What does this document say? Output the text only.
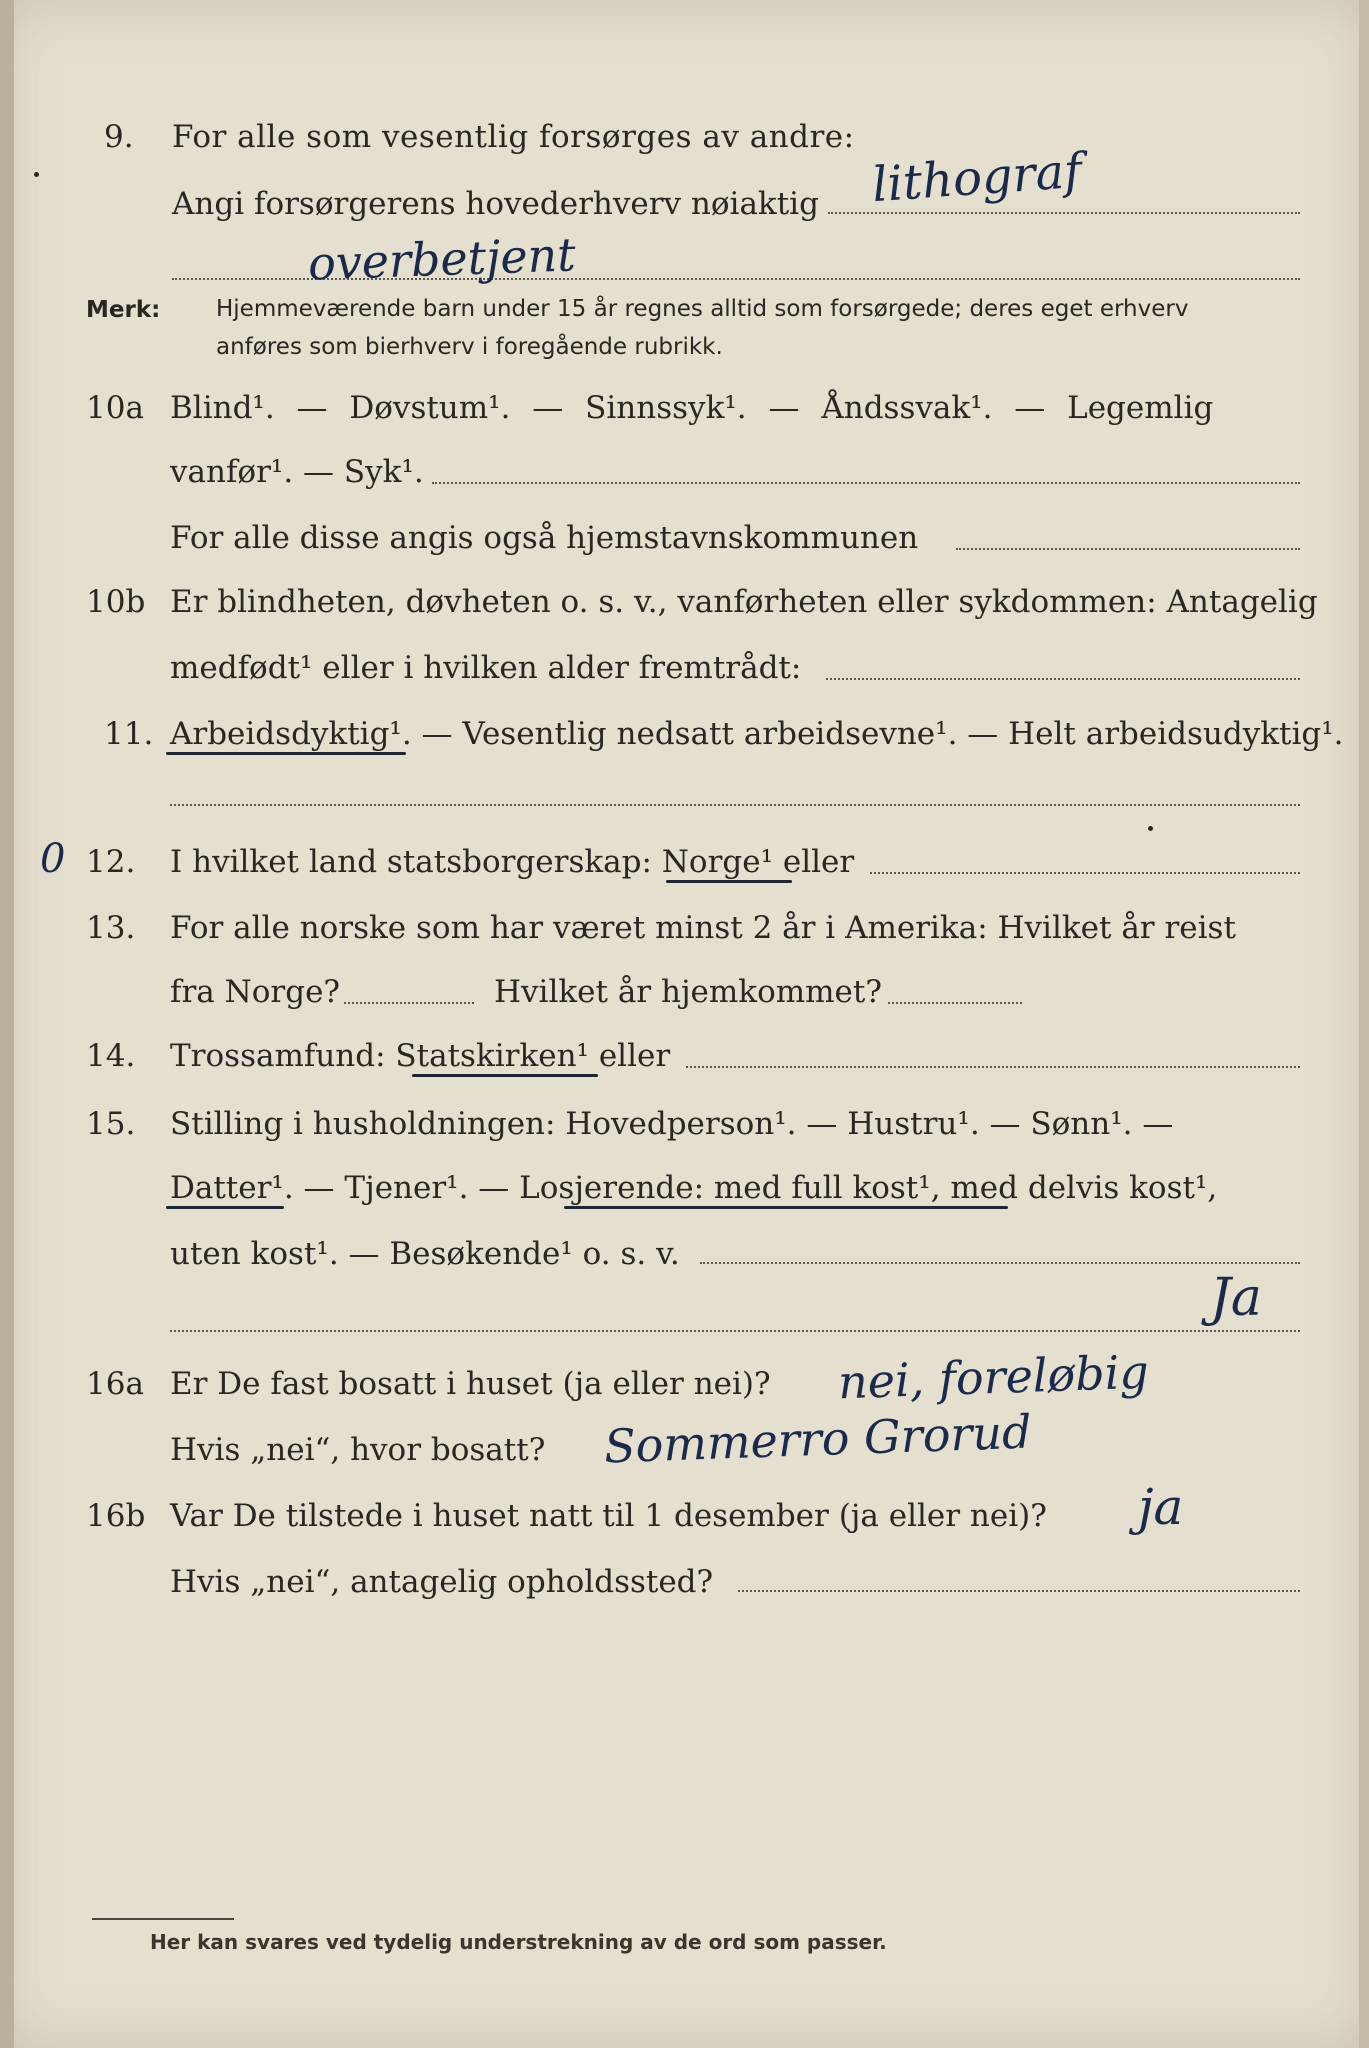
9. For alle som vesentlig forsørges av andre:
Angi forsørgerens hovederhverv nøiaktig lithograf
overbetjent
Merk: Hjemmeværende barn under 15 år regnes alltid som forsørgede; deres eget erhverv
anføres som bierhverv i foregående rubrikk.
10a Blind¹. — Døvstum¹. — Sinnssyk¹. — Åndssvak¹. — Legemlig
vanfør¹. — Syk¹.
For alle disse angis også hjemstavnskommunen
10b Er blindheten, døvheten o. s. v., vanførheten eller sykdommen: Antagelig
medfødt¹ eller i hvilken alder fremtrådt:
11. Arbeidsdyktig¹. — Vesentlig nedsatt arbeidsevne¹. — Helt arbeidsudyktig¹.
0 12. I hvilket land statsborgerskap: Norge¹ eller
13. For alle norske som har været minst 2 år i Amerika: Hvilket år reist
fra Norge?	Hvilket år hjemkommet?
14. Trossamfund: Statskirken¹ eller
15. Stilling i husholdningen: Hovedperson¹. — Hustru¹. — Sønn¹. —
Datter¹. — Tjener¹. — Losjerende: med full kost¹, med delvis kost¹,
uten kost¹. — Besøkende¹ o. s. v.
Ja
16a Er De fast bosatt i huset (ja eller nei)? nei, foreløbig
Hvis „nei“, hvor bosatt? Sommerro Grorud
16b Var De tilstede i huset natt til 1 desember (ja eller nei)? ja
Hvis „nei“, antagelig opholdssted?
Her kan svares ved tydelig understrekning av de ord som passer.
